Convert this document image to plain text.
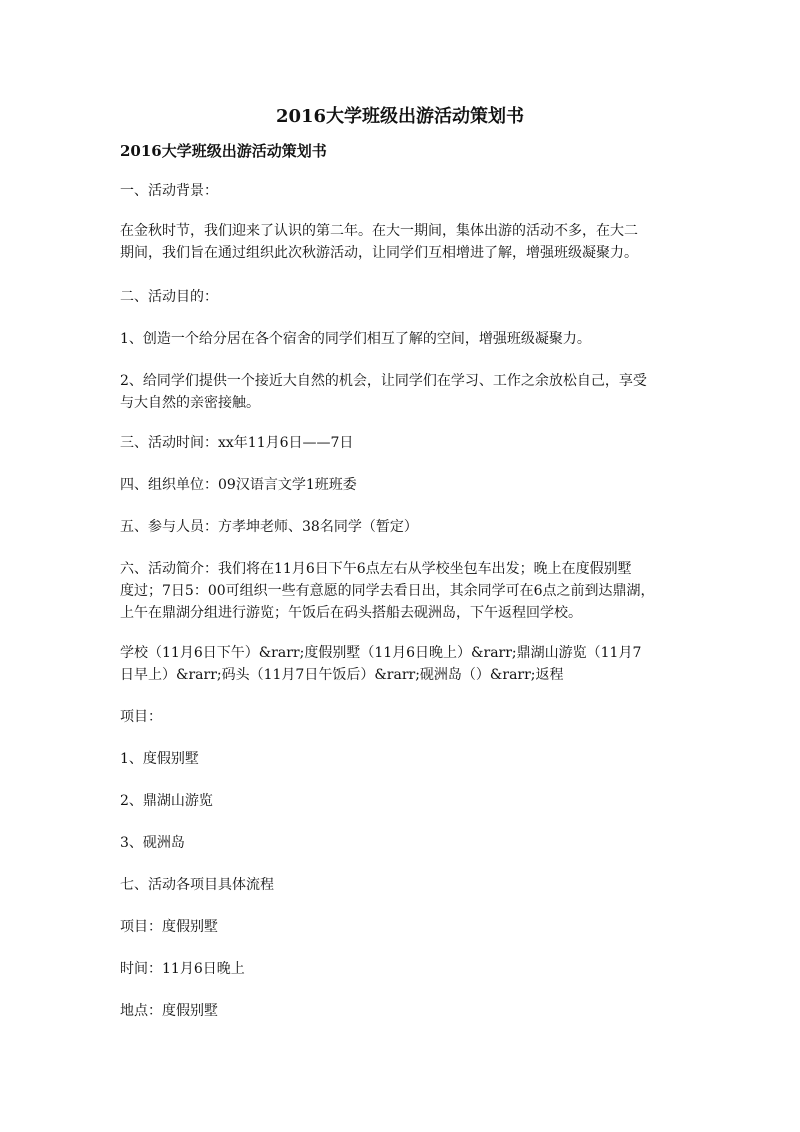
2016大学班级出游活动策划书
2016大学班级出游活动策划书
一、活动背景：
在金秋时节，我们迎来了认识的第二年。在大一期间，集体出游的活动不多，在大二
期间，我们旨在通过组织此次秋游活动，让同学们互相增进了解，增强班级凝聚力。
二、活动目的：
1、创造一个给分居在各个宿舍的同学们相互了解的空间，增强班级凝聚力。
2、给同学们提供一个接近大自然的机会，让同学们在学习、工作之余放松自己，享受
与大自然的亲密接触。
三、活动时间：xx年11月6日——7日
四、组织单位：09汉语言文学1班班委
五、参与人员：方孝坤老师、38名同学（暂定）
六、活动简介：我们将在11月6日下午6点左右从学校坐包车出发；晚上在度假别墅
度过；7日5：00可组织一些有意愿的同学去看日出，其余同学可在6点之前到达鼎湖，
上午在鼎湖分组进行游览；午饭后在码头搭船去砚洲岛，下午返程回学校。
学校（11月6日下午）&rarr;度假别墅（11月6日晚上）&rarr;鼎湖山游览（11月7
日早上）&rarr;码头（11月7日午饭后）&rarr;砚洲岛（）&rarr;返程
项目：
1、度假别墅
2、鼎湖山游览
3、砚洲岛
七、活动各项目具体流程
项目：度假别墅
时间：11月6日晚上
地点：度假别墅
